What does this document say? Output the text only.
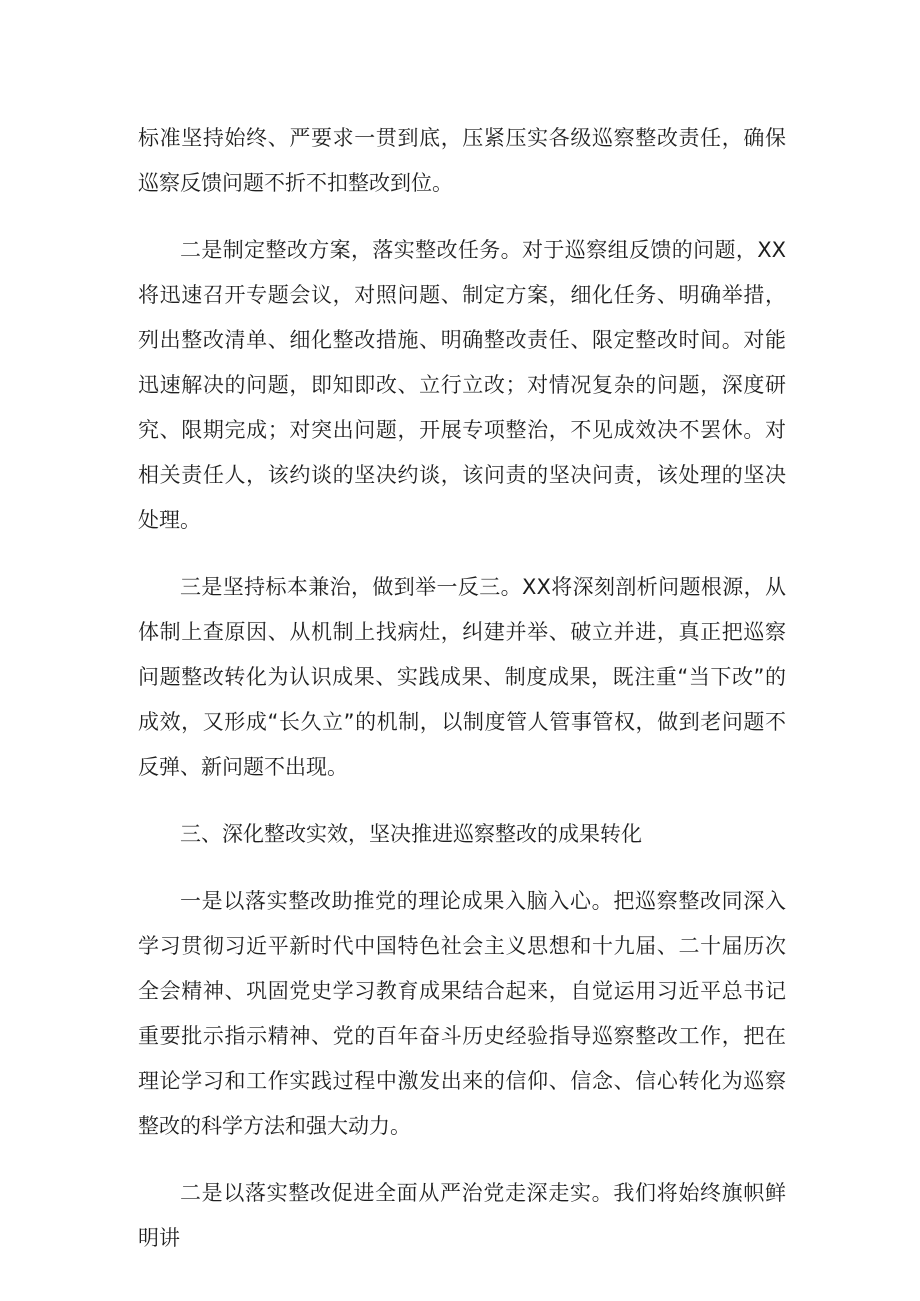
标准坚持始终、严要求一贯到底，压紧压实各级巡察整改责任，确保巡察反馈问题不折不扣整改到位。

二是制定整改方案，落实整改任务。对于巡察组反馈的问题，XX将迅速召开专题会议，对照问题、制定方案，细化任务、明确举措，列出整改清单、细化整改措施、明确整改责任、限定整改时间。对能迅速解决的问题，即知即改、立行立改；对情况复杂的问题，深度研究、限期完成；对突出问题，开展专项整治，不见成效决不罢休。对相关责任人，该约谈的坚决约谈，该问责的坚决问责，该处理的坚决处理。

三是坚持标本兼治，做到举一反三。XX将深刻剖析问题根源，从体制上查原因、从机制上找病灶，纠建并举、破立并进，真正把巡察问题整改转化为认识成果、实践成果、制度成果，既注重“当下改”的成效，又形成“长久立”的机制，以制度管人管事管权，做到老问题不反弹、新问题不出现。

三、深化整改实效，坚决推进巡察整改的成果转化

一是以落实整改助推党的理论成果入脑入心。把巡察整改同深入学习贯彻习近平新时代中国特色社会主义思想和十九届、二十届历次全会精神、巩固党史学习教育成果结合起来，自觉运用习近平总书记重要批示指示精神、党的百年奋斗历史经验指导巡察整改工作，把在理论学习和工作实践过程中激发出来的信仰、信念、信心转化为巡察整改的科学方法和强大动力。

二是以落实整改促进全面从严治党走深走实。我们将始终旗帜鲜明讲
